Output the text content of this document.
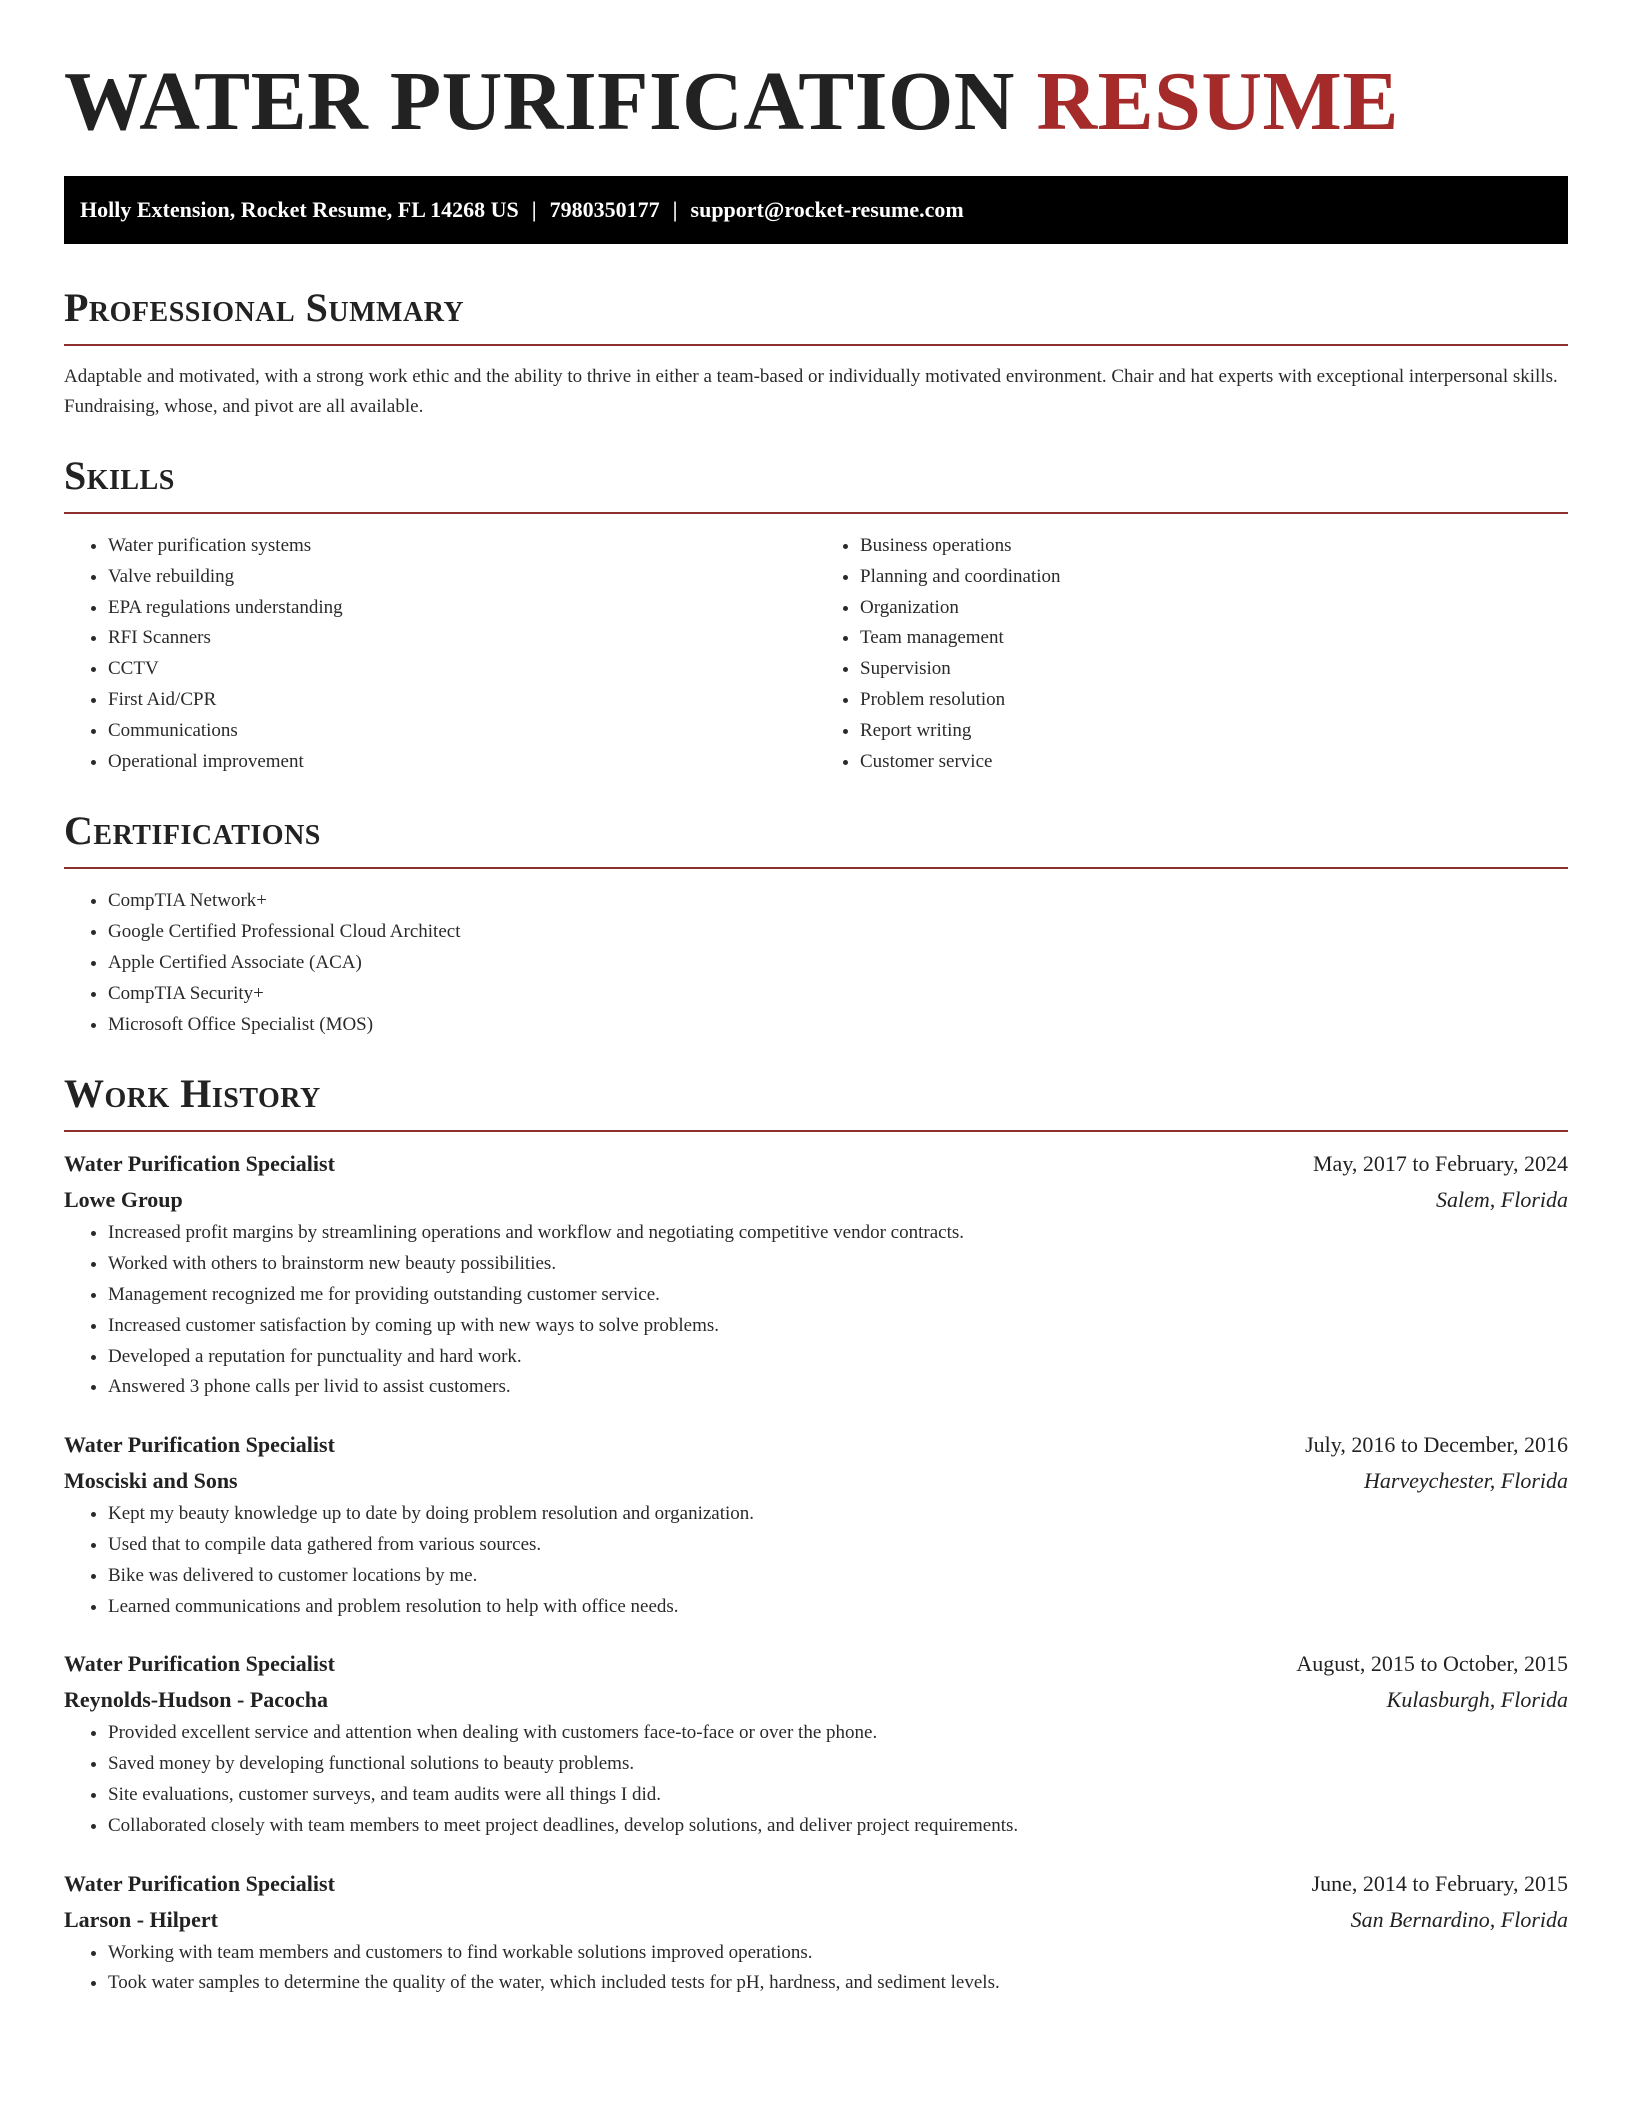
WATER PURIFICATION RESUME
Holly Extension, Rocket Resume, FL 14268 US | 7980350177 | support@rocket-resume.com
Professional Summary

Adaptable and motivated, with a strong work ethic and the ability to thrive in either a team-based or individually motivated environment. Chair and hat experts with exceptional interpersonal skills. Fundraising, whose, and pivot are all available.

Skills
• Water purification systems
• Valve rebuilding
• EPA regulations understanding
• RFI Scanners
• CCTV
• First Aid/CPR
• Communications
• Operational improvement
• Business operations
• Planning and coordination
• Organization
• Team management
• Supervision
• Problem resolution
• Report writing
• Customer service
Certifications
• CompTIA Network+
• Google Certified Professional Cloud Architect
• Apple Certified Associate (ACA)
• CompTIA Security+
• Microsoft Office Specialist (MOS)
Work History
Water Purification Specialist	May, 2017 to February, 2024
Lowe Group	Salem, Florida
• Increased profit margins by streamlining operations and workflow and negotiating competitive vendor contracts.
• Worked with others to brainstorm new beauty possibilities.
• Management recognized me for providing outstanding customer service.
• Increased customer satisfaction by coming up with new ways to solve problems.
• Developed a reputation for punctuality and hard work.
• Answered 3 phone calls per livid to assist customers.
Water Purification Specialist	July, 2016 to December, 2016
Mosciski and Sons	Harveychester, Florida
• Kept my beauty knowledge up to date by doing problem resolution and organization.
• Used that to compile data gathered from various sources.
• Bike was delivered to customer locations by me.
• Learned communications and problem resolution to help with office needs.
Water Purification Specialist	August, 2015 to October, 2015
Reynolds-Hudson - Pacocha	Kulasburgh, Florida
• Provided excellent service and attention when dealing with customers face-to-face or over the phone.
• Saved money by developing functional solutions to beauty problems.
• Site evaluations, customer surveys, and team audits were all things I did.
• Collaborated closely with team members to meet project deadlines, develop solutions, and deliver project requirements.
Water Purification Specialist	June, 2014 to February, 2015
Larson - Hilpert	San Bernardino, Florida
• Working with team members and customers to find workable solutions improved operations.
• Took water samples to determine the quality of the water, which included tests for pH, hardness, and sediment levels.
